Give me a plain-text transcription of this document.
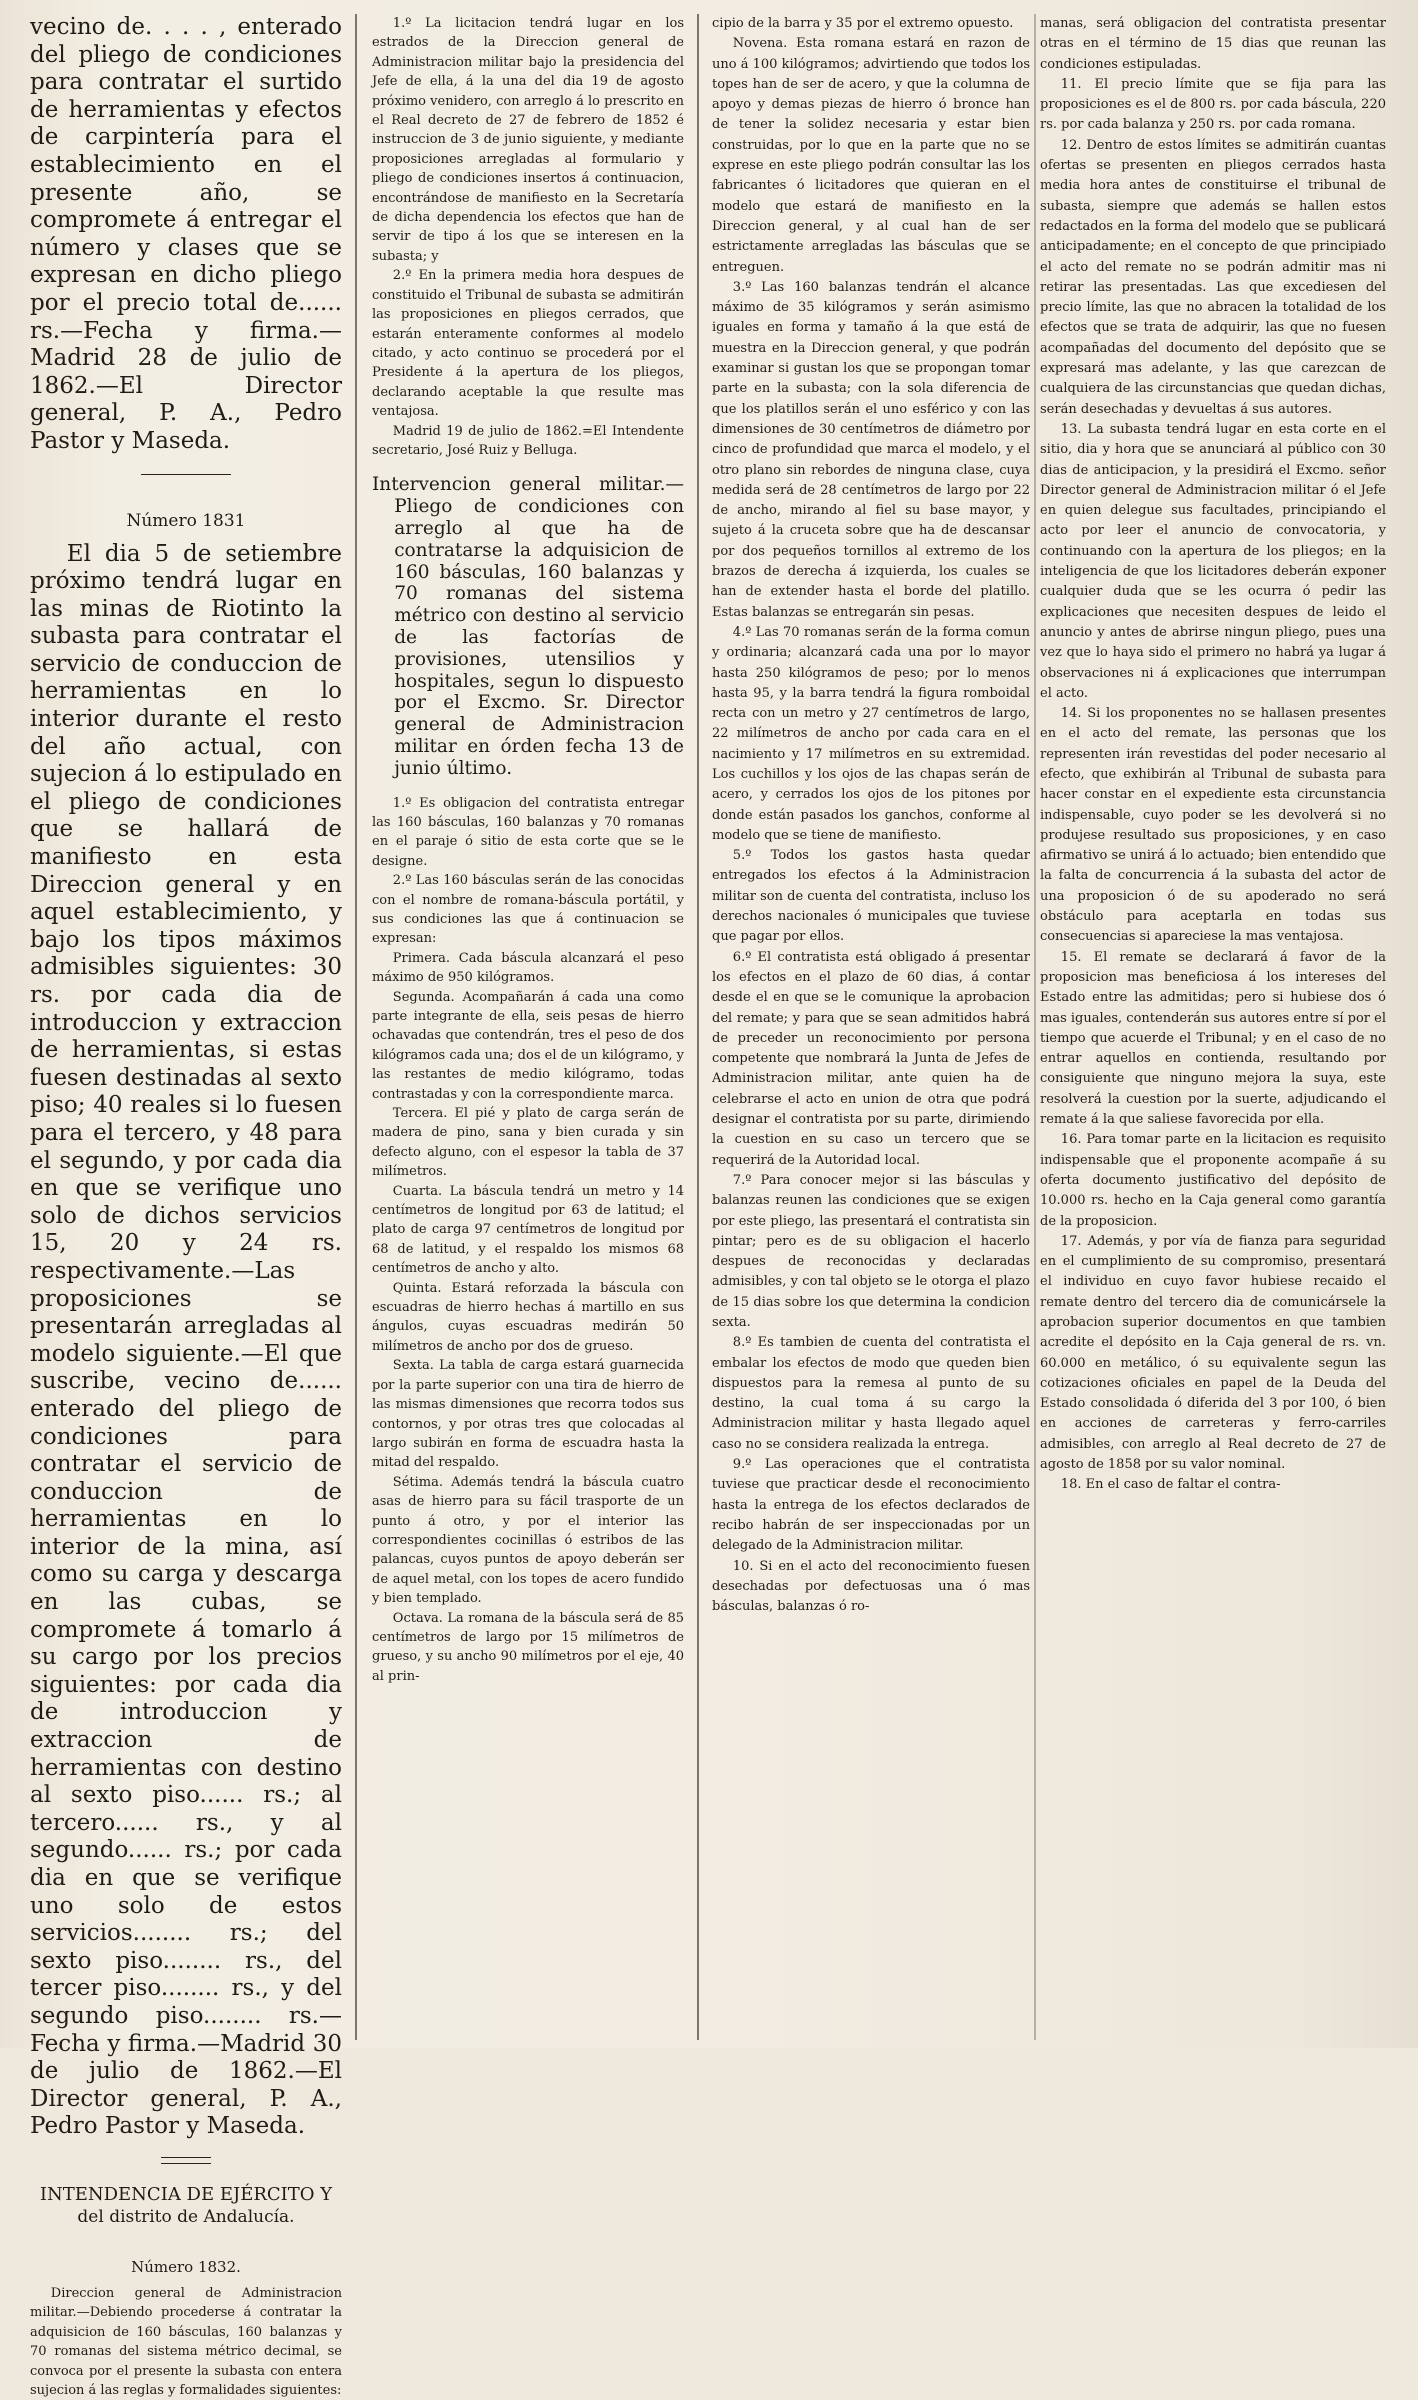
vecino de. . . . , enterado del pliego de condiciones para contratar el surtido de herramientas y efectos de carpintería para el establecimiento en el presente año, se compromete á entregar el número y clases que se expresan en dicho pliego por el precio total de...... rs.—Fecha y firma.—Madrid 28 de julio de 1862.—El Director general, P. A., Pedro Pastor y Maseda.

Número 1831

El dia 5 de setiembre próximo tendrá lugar en las minas de Riotinto la subasta para contratar el servicio de conduccion de herramientas en lo interior durante el resto del año actual, con sujecion á lo estipulado en el pliego de condiciones que se hallará de manifiesto en esta Direccion general y en aquel establecimiento, y bajo los tipos máximos admisibles siguientes: 30 rs. por cada dia de introduccion y extraccion de herramientas, si estas fuesen destinadas al sexto piso; 40 reales si lo fuesen para el tercero, y 48 para el segundo, y por cada dia en que se verifique uno solo de dichos servicios 15, 20 y 24 rs. respectivamente.—Las proposiciones se presentarán arregladas al modelo siguiente.—El que suscribe, vecino de...... enterado del pliego de condiciones para contratar el servicio de conduccion de herramientas en lo interior de la mina, así como su carga y descarga en las cubas, se compromete á tomarlo á su cargo por los precios siguientes: por cada dia de introduccion y extraccion de herramientas con destino al sexto piso...... rs.; al tercero...... rs., y al segundo...... rs.; por cada dia en que se verifique uno solo de estos servicios........ rs.; del sexto piso........ rs., del tercer piso........ rs., y del segundo piso........ rs.—Fecha y firma.—Madrid 30 de julio de 1862.—El Director general, P. A., Pedro Pastor y Maseda.

INTENDENCIA DE EJÉRCITO Y

del distrito de Andalucía.

Número 1832.

Direccion general de Administracion militar.—Debiendo procederse á contratar la adquisicion de 160 básculas, 160 balanzas y 70 romanas del sistema métrico decimal, se convoca por el presente la subasta con entera sujecion á las reglas y formalidades siguientes:

1.º La licitacion tendrá lugar en los estrados de la Direccion general de Administracion militar bajo la presidencia del Jefe de ella, á la una del dia 19 de agosto próximo venidero, con arreglo á lo prescrito en el Real decreto de 27 de febrero de 1852 é instruccion de 3 de junio siguiente, y mediante proposiciones arregladas al formulario y pliego de condiciones insertos á continuacion, encontrándose de manifiesto en la Secretaría de dicha dependencia los efectos que han de servir de tipo á los que se interesen en la subasta; y

2.º En la primera media hora despues de constituido el Tribunal de subasta se admitirán las proposiciones en pliegos cerrados, que estarán enteramente conformes al modelo citado, y acto continuo se procederá por el Presidente á la apertura de los pliegos, declarando aceptable la que resulte mas ventajosa.

Madrid 19 de julio de 1862.=El Intendente secretario, José Ruiz y Belluga.

Intervencion general militar.—Pliego de condiciones con arreglo al que ha de contratarse la adquisicion de 160 básculas, 160 balanzas y 70 romanas del sistema métrico con destino al servicio de las factorías de provisiones, utensilios y hospitales, segun lo dispuesto por el Excmo. Sr. Director general de Administracion militar en órden fecha 13 de junio último.

1.º Es obligacion del contratista entregar las 160 básculas, 160 balanzas y 70 romanas en el paraje ó sitio de esta corte que se le designe.

2.º Las 160 básculas serán de las conocidas con el nombre de romana-báscula portátil, y sus condiciones las que á continuacion se expresan:

Primera. Cada báscula alcanzará el peso máximo de 950 kilógramos.

Segunda. Acompañarán á cada una como parte integrante de ella, seis pesas de hierro ochavadas que contendrán, tres el peso de dos kilógramos cada una; dos el de un kilógramo, y las restantes de medio kilógramo, todas contrastadas y con la correspondiente marca.

Tercera. El pié y plato de carga serán de madera de pino, sana y bien curada y sin defecto alguno, con el espesor la tabla de 37 milímetros.

Cuarta. La báscula tendrá un metro y 14 centímetros de longitud por 63 de latitud; el plato de carga 97 centímetros de longitud por 68 de latitud, y el respaldo los mismos 68 centímetros de ancho y alto.

Quinta. Estará reforzada la báscula con escuadras de hierro hechas á martillo en sus ángulos, cuyas escuadras medirán 50 milímetros de ancho por dos de grueso.

Sexta. La tabla de carga estará guarnecida por la parte superior con una tira de hierro de las mismas dimensiones que recorra todos sus contornos, y por otras tres que colocadas al largo subirán en forma de escuadra hasta la mitad del respaldo.

Sétima. Además tendrá la báscula cuatro asas de hierro para su fácil trasporte de un punto á otro, y por el interior las correspondientes cocinillas ó estribos de las palancas, cuyos puntos de apoyo deberán ser de aquel metal, con los topes de acero fundido y bien templado.

Octava. La romana de la báscula será de 85 centímetros de largo por 15 milímetros de grueso, y su ancho 90 milímetros por el eje, 40 al prin-

cipio de la barra y 35 por el extremo opuesto.

Novena. Esta romana estará en razon de uno á 100 kilógramos; advirtiendo que todos los topes han de ser de acero, y que la columna de apoyo y demas piezas de hierro ó bronce han de tener la solidez necesaria y estar bien construidas, por lo que en la parte que no se exprese en este pliego podrán consultar las los fabricantes ó licitadores que quieran en el modelo que estará de manifiesto en la Direccion general, y al cual han de ser estrictamente arregladas las básculas que se entreguen.

3.º Las 160 balanzas tendrán el alcance máximo de 35 kilógramos y serán asimismo iguales en forma y tamaño á la que está de muestra en la Direccion general, y que podrán examinar si gustan los que se propongan tomar parte en la subasta; con la sola diferencia de que los platillos serán el uno esférico y con las dimensiones de 30 centímetros de diámetro por cinco de profundidad que marca el modelo, y el otro plano sin rebordes de ninguna clase, cuya medida será de 28 centímetros de largo por 22 de ancho, mirando al fiel su base mayor, y sujeto á la cruceta sobre que ha de descansar por dos pequeños tornillos al extremo de los brazos de derecha á izquierda, los cuales se han de extender hasta el borde del platillo. Estas balanzas se entregarán sin pesas.

4.º Las 70 romanas serán de la forma comun y ordinaria; alcanzará cada una por lo mayor hasta 250 kilógramos de peso; por lo menos hasta 95, y la barra tendrá la figura romboidal recta con un metro y 27 centímetros de largo, 22 milímetros de ancho por cada cara en el nacimiento y 17 milímetros en su extremidad. Los cuchillos y los ojos de las chapas serán de acero, y cerrados los ojos de los pitones por donde están pasados los ganchos, conforme al modelo que se tiene de manifiesto.

5.º Todos los gastos hasta quedar entregados los efectos á la Administracion militar son de cuenta del contratista, incluso los derechos nacionales ó municipales que tuviese que pagar por ellos.

6.º El contratista está obligado á presentar los efectos en el plazo de 60 dias, á contar desde el en que se le comunique la aprobacion del remate; y para que se sean admitidos habrá de preceder un reconocimiento por persona competente que nombrará la Junta de Jefes de Administracion militar, ante quien ha de celebrarse el acto en union de otra que podrá designar el contratista por su parte, dirimiendo la cuestion en su caso un tercero que se requerirá de la Autoridad local.

7.º Para conocer mejor si las básculas y balanzas reunen las condiciones que se exigen por este pliego, las presentará el contratista sin pintar; pero es de su obligacion el hacerlo despues de reconocidas y declaradas admisibles, y con tal objeto se le otorga el plazo de 15 dias sobre los que determina la condicion sexta.

8.º Es tambien de cuenta del contratista el embalar los efectos de modo que queden bien dispuestos para la remesa al punto de su destino, la cual toma á su cargo la Administracion militar y hasta llegado aquel caso no se considera realizada la entrega.

9.º Las operaciones que el contratista tuviese que practicar desde el reconocimiento hasta la entrega de los efectos declarados de recibo habrán de ser inspeccionadas por un delegado de la Administracion militar.

10. Si en el acto del reconocimiento fuesen desechadas por defectuosas una ó mas básculas, balanzas ó ro-

manas, será obligacion del contratista presentar otras en el término de 15 dias que reunan las condiciones estipuladas.

11. El precio límite que se fija para las proposiciones es el de 800 rs. por cada báscula, 220 rs. por cada balanza y 250 rs. por cada romana.

12. Dentro de estos límites se admitirán cuantas ofertas se presenten en pliegos cerrados hasta media hora antes de constituirse el tribunal de subasta, siempre que además se hallen estos redactados en la forma del modelo que se publicará anticipadamente; en el concepto de que principiado el acto del remate no se podrán admitir mas ni retirar las presentadas. Las que excediesen del precio límite, las que no abracen la totalidad de los efectos que se trata de adquirir, las que no fuesen acompañadas del documento del depósito que se expresará mas adelante, y las que carezcan de cualquiera de las circunstancias que quedan dichas, serán desechadas y devueltas á sus autores.

13. La subasta tendrá lugar en esta corte en el sitio, dia y hora que se anunciará al público con 30 dias de anticipacion, y la presidirá el Excmo. señor Director general de Administracion militar ó el Jefe en quien delegue sus facultades, principiando el acto por leer el anuncio de convocatoria, y continuando con la apertura de los pliegos; en la inteligencia de que los licitadores deberán exponer cualquier duda que se les ocurra ó pedir las explicaciones que necesiten despues de leido el anuncio y antes de abrirse ningun pliego, pues una vez que lo haya sido el primero no habrá ya lugar á observaciones ni á explicaciones que interrumpan el acto.

14. Si los proponentes no se hallasen presentes en el acto del remate, las personas que los representen irán revestidas del poder necesario al efecto, que exhibirán al Tribunal de subasta para hacer constar en el expediente esta circunstancia indispensable, cuyo poder se les devolverá si no produjese resultado sus proposiciones, y en caso afirmativo se unirá á lo actuado; bien entendido que la falta de concurrencia á la subasta del actor de una proposicion ó de su apoderado no será obstáculo para aceptarla en todas sus consecuencias si apareciese la mas ventajosa.

15. El remate se declarará á favor de la proposicion mas beneficiosa á los intereses del Estado entre las admitidas; pero si hubiese dos ó mas iguales, contenderán sus autores entre sí por el tiempo que acuerde el Tribunal; y en el caso de no entrar aquellos en contienda, resultando por consiguiente que ninguno mejora la suya, este resolverá la cuestion por la suerte, adjudicando el remate á la que saliese favorecida por ella.

16. Para tomar parte en la licitacion es requisito indispensable que el proponente acompañe á su oferta documento justificativo del depósito de 10.000 rs. hecho en la Caja general como garantía de la proposicion.

17. Además, y por vía de fianza para seguridad en el cumplimiento de su compromiso, presentará el individuo en cuyo favor hubiese recaido el remate dentro del tercero dia de comunicársele la aprobacion superior documentos en que tambien acredite el depósito en la Caja general de rs. vn. 60.000 en metálico, ó su equivalente segun las cotizaciones oficiales en papel de la Deuda del Estado consolidada ó diferida del 3 por 100, ó bien en acciones de carreteras y ferro-carriles admisibles, con arreglo al Real decreto de 27 de agosto de 1858 por su valor nominal.

18. En el caso de faltar el contra-
